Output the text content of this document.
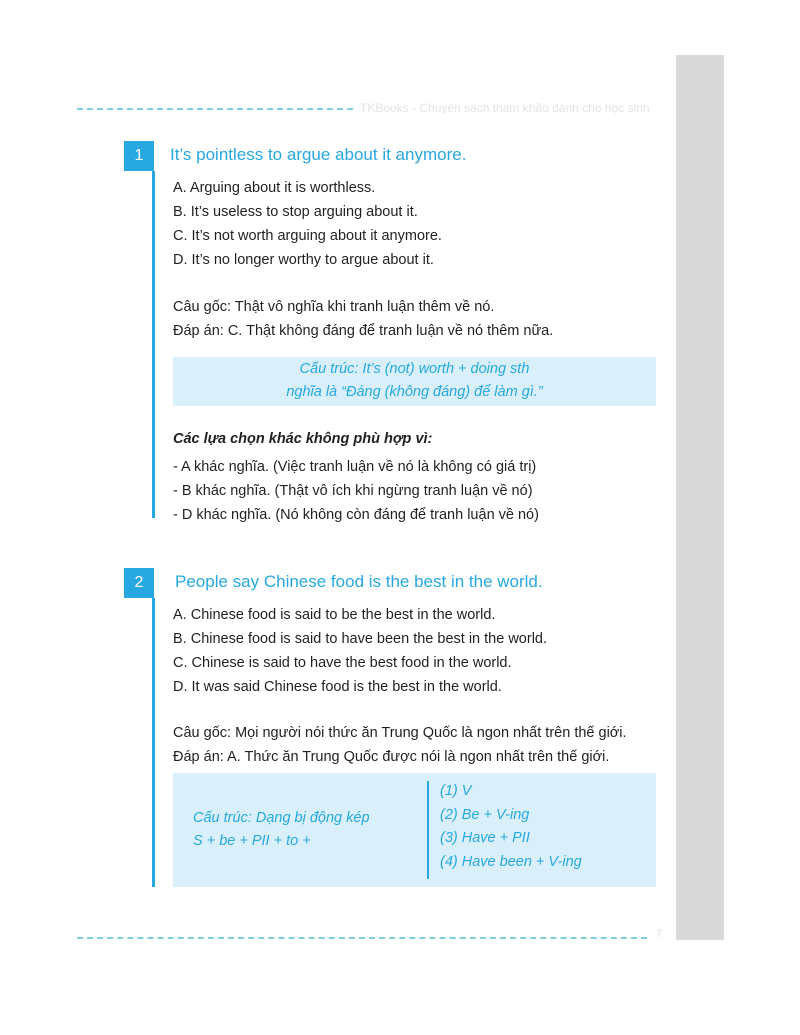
TKBooks - Chuyên sách tham khảo dành cho học sinh
1	It’s pointless to argue about it anymore.
A. Arguing about it is worthless.
B. It’s useless to stop arguing about it.
C. It’s not worth arguing about it anymore.
D. It’s no longer worthy to argue about it.
Câu gốc: Thật vô nghĩa khi tranh luận thêm về nó.
Đáp án: C. Thật không đáng để tranh luận về nó thêm nữa.
Cấu trúc: It’s (not) worth + doing sth
nghĩa là “Đáng (không đáng) để làm gì.”
Các lựa chọn khác không phù hợp vì:
- A khác nghĩa. (Việc tranh luận về nó là không có giá trị)
- B khác nghĩa. (Thật vô ích khi ngừng tranh luận về nó)
- D khác nghĩa. (Nó không còn đáng để tranh luận về nó)
2	People say Chinese food is the best in the world.
A. Chinese food is said to be the best in the world.
B. Chinese food is said to have been the best in the world.
C. Chinese is said to have the best food in the world.
D. It was said Chinese food is the best in the world.
Câu gốc: Mọi người nói thức ăn Trung Quốc là ngon nhất trên thế giới.
Đáp án: A. Thức ăn Trung Quốc được nói là ngon nhất trên thế giới.
Cấu trúc: Dạng bị động kép
S + be + PII + to +
(1) V
(2) Be + V-ing
(3) Have + PII
(4) Have been + V-ing
7
